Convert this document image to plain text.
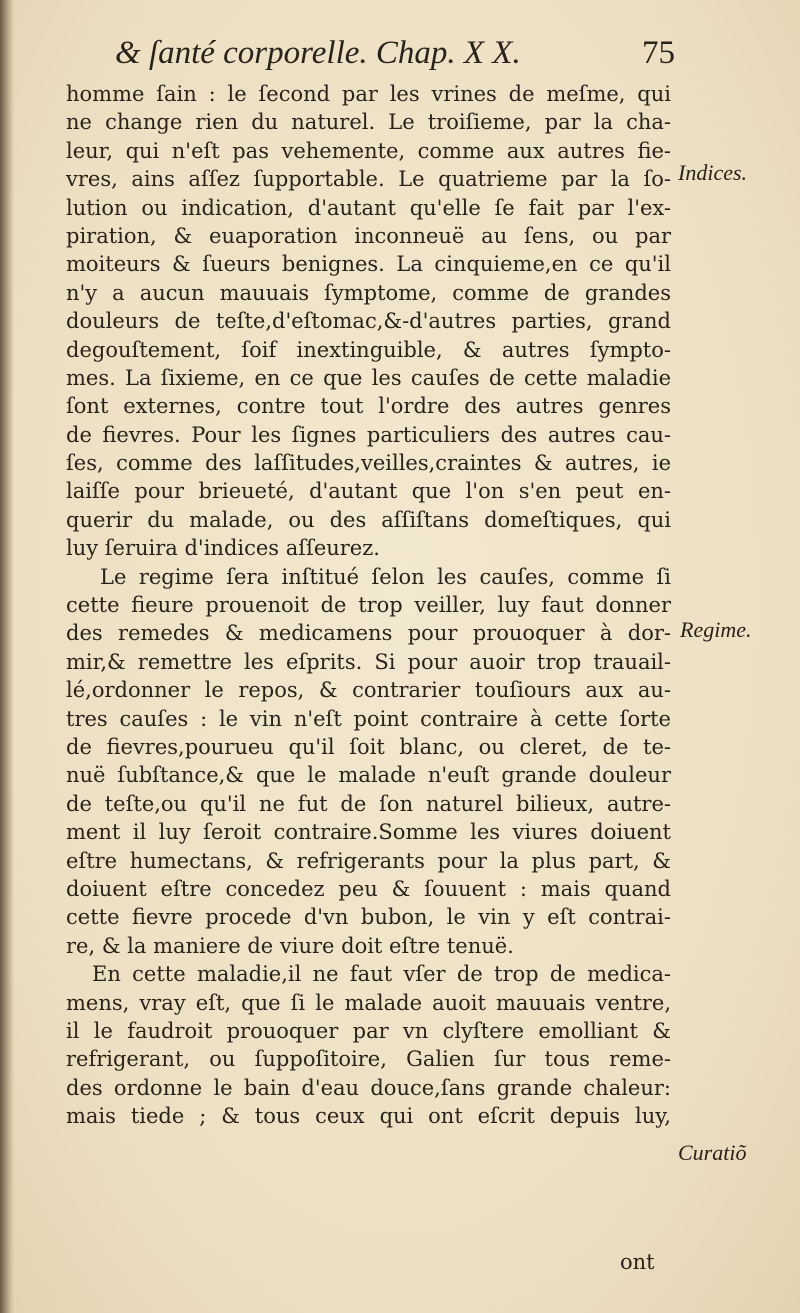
& ſanté corporelle. Chap. X X.	75
homme ſain : le ſecond par les vrines de meſme, qui
ne change rien du naturel. Le troiſieme, par la cha-
leur, qui n'eſt pas vehemente, comme aux autres fie-
vres, ains aſſez ſupportable. Le quatrieme par la ſo-
lution ou indication, d'autant qu'elle ſe fait par l'ex-
piration, & euaporation inconneuë au ſens, ou par
moiteurs & ſueurs benignes. La cinquieme,en ce qu'il
n'y a aucun mauuais ſymptome, comme de grandes
douleurs de teſte,d'eſtomac,&-d'autres parties, grand
degouſtement, ſoif inextinguible, & autres ſympto-
mes. La ſixieme, en ce que les cauſes de cette maladie
ſont externes, contre tout l'ordre des autres genres
de fievres. Pour les ſignes particuliers des autres cau-
ſes, comme des laſſitudes,veilles,craintes & autres, ie
laiſſe pour brieueté, d'autant que l'on s'en peut en-
querir du malade, ou des aſſiſtans domeſtiques, qui
luy ſeruira d'indices aſſeurez.
Le regime ſera inſtitué ſelon les cauſes, comme ſi
cette fieure prouenoit de trop veiller, luy faut donner
des remedes & medicamens pour prouoquer à dor-
mir,& remettre les eſprits. Si pour auoir trop trauail-
lé,ordonner le repos, & contrarier touſiours aux au-
tres cauſes : le vin n'eſt point contraire à cette ſorte
de fievres,pourueu qu'il ſoit blanc, ou cleret, de te-
nuë ſubſtance,& que le malade n'euſt grande douleur
de teſte,ou qu'il ne fut de ſon naturel bilieux, autre-
ment il luy ſeroit contraire.Somme les viures doiuent
eſtre humectans, & refrigerants pour la plus part, &
doiuent eſtre concedez peu & ſouuent : mais quand
cette fievre procede d'vn bubon, le vin y eſt contrai-
re, & la maniere de viure doit eſtre tenuë.
En cette maladie,il ne faut vſer de trop de medica-
mens, vray eſt, que ſi le malade auoit mauuais ventre,
il le faudroit prouoquer par vn clyſtere emolliant &
refrigerant, ou ſuppoſitoire, Galien ſur tous reme-
des ordonne le bain d'eau douce,ſans grande chaleur:
mais tiede ; & tous ceux qui ont eſcrit depuis luy,
Indices.
Regime.
Curatiõ
ont
